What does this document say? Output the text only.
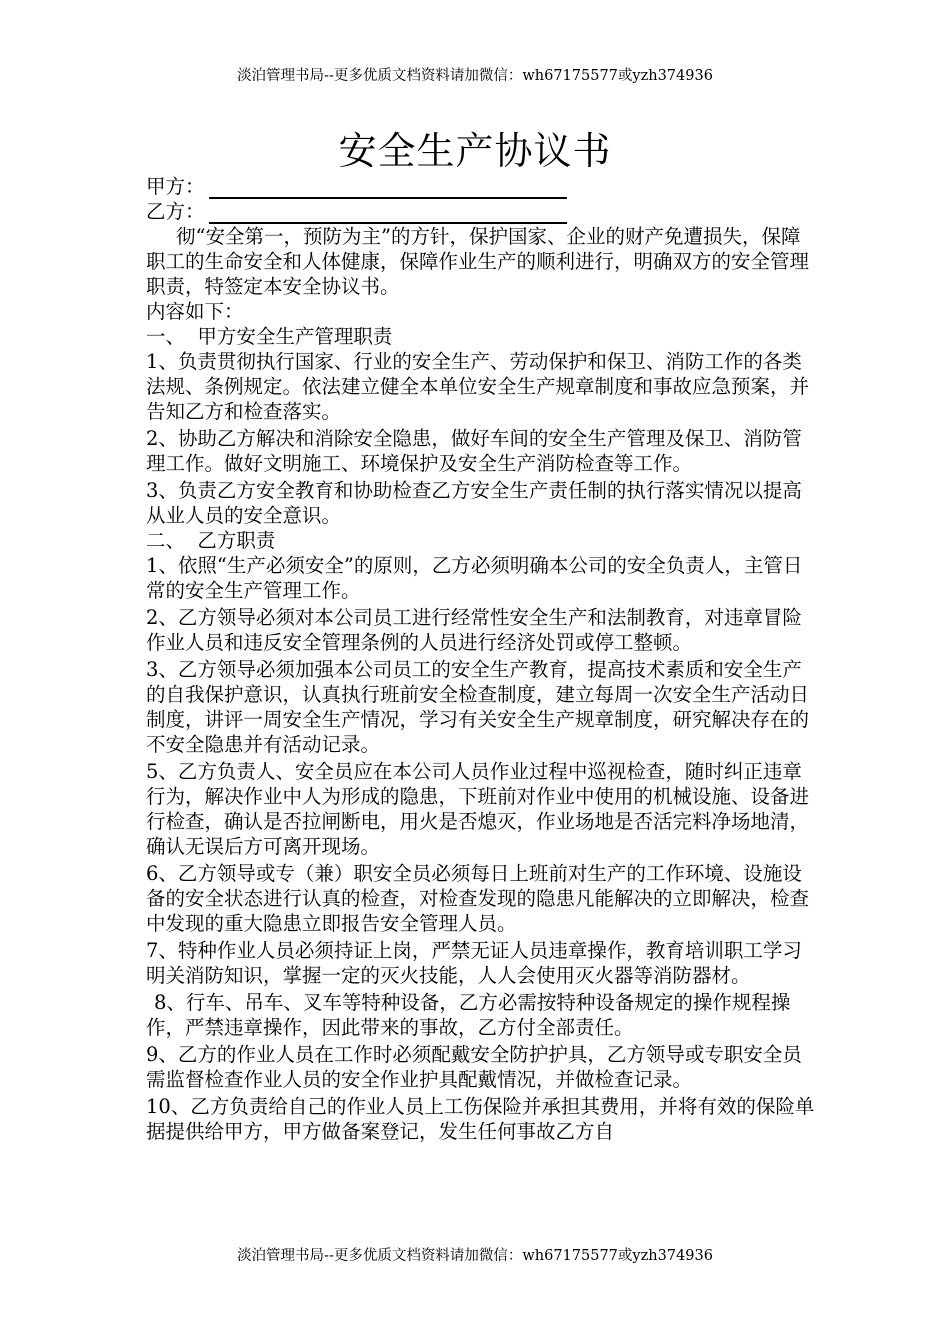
淡泊管理书局--更多优质文档资料请加微信：wh67175577或yzh374936
安全生产协议书
甲方：
乙方：

彻“安全第一，预防为主”的方针，保护国家、企业的财产免遭损失，保障职工的生命安全和人体健康，保障作业生产的顺利进行，明确双方的安全管理职责，特签定本安全协议书。

内容如下：

一、  甲方安全生产管理职责

1、负责贯彻执行国家、行业的安全生产、劳动保护和保卫、消防工作的各类法规、条例规定。依法建立健全本单位安全生产规章制度和事故应急预案，并告知乙方和检查落实。

2、协助乙方解决和消除安全隐患，做好车间的安全生产管理及保卫、消防管理工作。做好文明施工、环境保护及安全生产消防检查等工作。

3、负责乙方安全教育和协助检查乙方安全生产责任制的执行落实情况以提高从业人员的安全意识。

二、  乙方职责

1、依照“生产必须安全”的原则，乙方必须明确本公司的安全负责人，主管日常的安全生产管理工作。

2、乙方领导必须对本公司员工进行经常性安全生产和法制教育，对违章冒险作业人员和违反安全管理条例的人员进行经济处罚或停工整顿。

3、乙方领导必须加强本公司员工的安全生产教育，提高技术素质和安全生产的自我保护意识，认真执行班前安全检查制度，建立每周一次安全生产活动日制度，讲评一周安全生产情况，学习有关安全生产规章制度，研究解决存在的不安全隐患并有活动记录。

5、乙方负责人、安全员应在本公司人员作业过程中巡视检查，随时纠正违章行为，解决作业中人为形成的隐患，下班前对作业中使用的机械设施、设备进行检查，确认是否拉闸断电，用火是否熄灭，作业场地是否活完料净场地清，确认无误后方可离开现场。

6、乙方领导或专（兼）职安全员必须每日上班前对生产的工作环境、设施设备的安全状态进行认真的检查，对检查发现的隐患凡能解决的立即解决，检查中发现的重大隐患立即报告安全管理人员。

7、特种作业人员必须持证上岗，严禁无证人员违章操作，教育培训职工学习明关消防知识，掌握一定的灭火技能，人人会使用灭火器等消防器材。

8、行车、吊车、叉车等特种设备，乙方必需按特种设备规定的操作规程操作，严禁违章操作，因此带来的事故，乙方付全部责任。

9、乙方的作业人员在工作时必须配戴安全防护护具，乙方领导或专职安全员需监督检查作业人员的安全作业护具配戴情况，并做检查记录。

10、乙方负责给自己的作业人员上工伤保险并承担其费用，并将有效的保险单据提供给甲方，甲方做备案登记，发生任何事故乙方自

淡泊管理书局--更多优质文档资料请加微信：wh67175577或yzh374936
